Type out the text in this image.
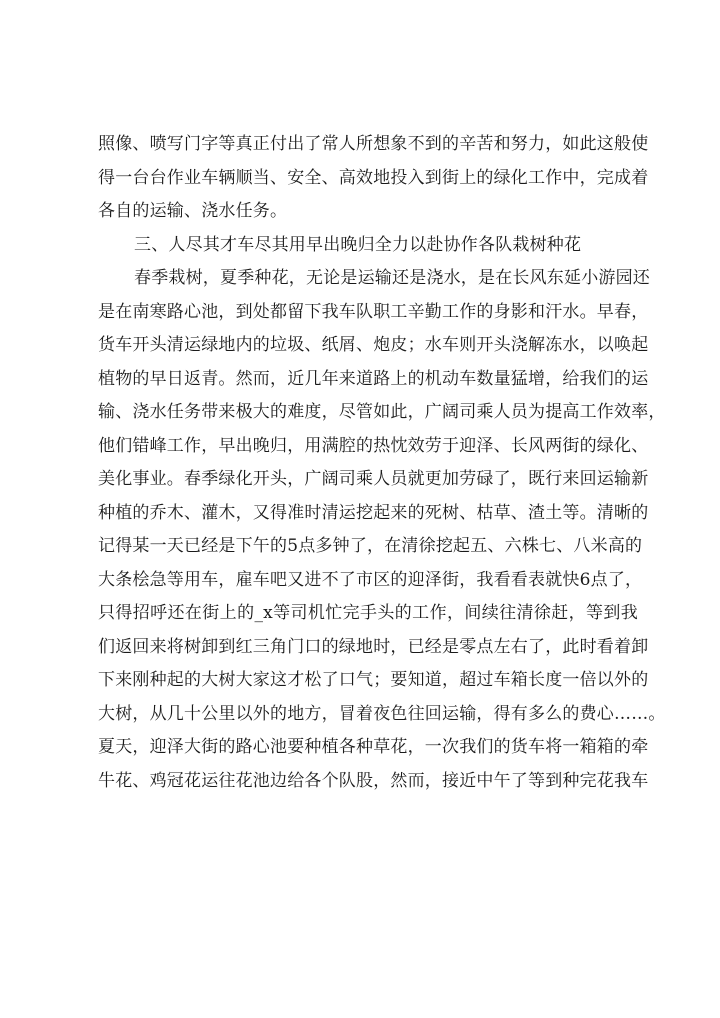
照像、喷写门字等真正付出了常人所想象不到的辛苦和努力，如此这般使
得一台台作业车辆顺当、安全、高效地投入到街上的绿化工作中，完成着
各自的运输、浇水任务。
三、人尽其才车尽其用早出晚归全力以赴协作各队栽树种花
春季栽树，夏季种花，无论是运输还是浇水，是在长风东延小游园还
是在南寒路心池，到处都留下我车队职工辛勤工作的身影和汗水。早春，
货车开头清运绿地内的垃圾、纸屑、炮皮；水车则开头浇解冻水，以唤起
植物的早日返青。然而，近几年来道路上的机动车数量猛增，给我们的运
输、浇水任务带来极大的难度，尽管如此，广阔司乘人员为提高工作效率，
他们错峰工作，早出晚归，用满腔的热忱效劳于迎泽、长风两街的绿化、
美化事业。春季绿化开头，广阔司乘人员就更加劳碌了，既行来回运输新
种植的乔木、灌木，又得准时清运挖起来的死树、枯草、渣土等。清晰的
记得某一天已经是下午的5点多钟了，在清徐挖起五、六株七、八米高的
大条桧急等用车，雇车吧又进不了市区的迎泽街，我看看表就快6点了，
只得招呼还在街上的_x等司机忙完手头的工作，间续往清徐赶，等到我
们返回来将树卸到红三角门口的绿地时，已经是零点左右了，此时看着卸
下来刚种起的大树大家这才松了口气；要知道，超过车箱长度一倍以外的
大树，从几十公里以外的地方，冒着夜色往回运输，得有多么的费心……。
夏天，迎泽大街的路心池要种植各种草花，一次我们的货车将一箱箱的牵
牛花、鸡冠花运往花池边给各个队股，然而，接近中午了等到种完花我车
